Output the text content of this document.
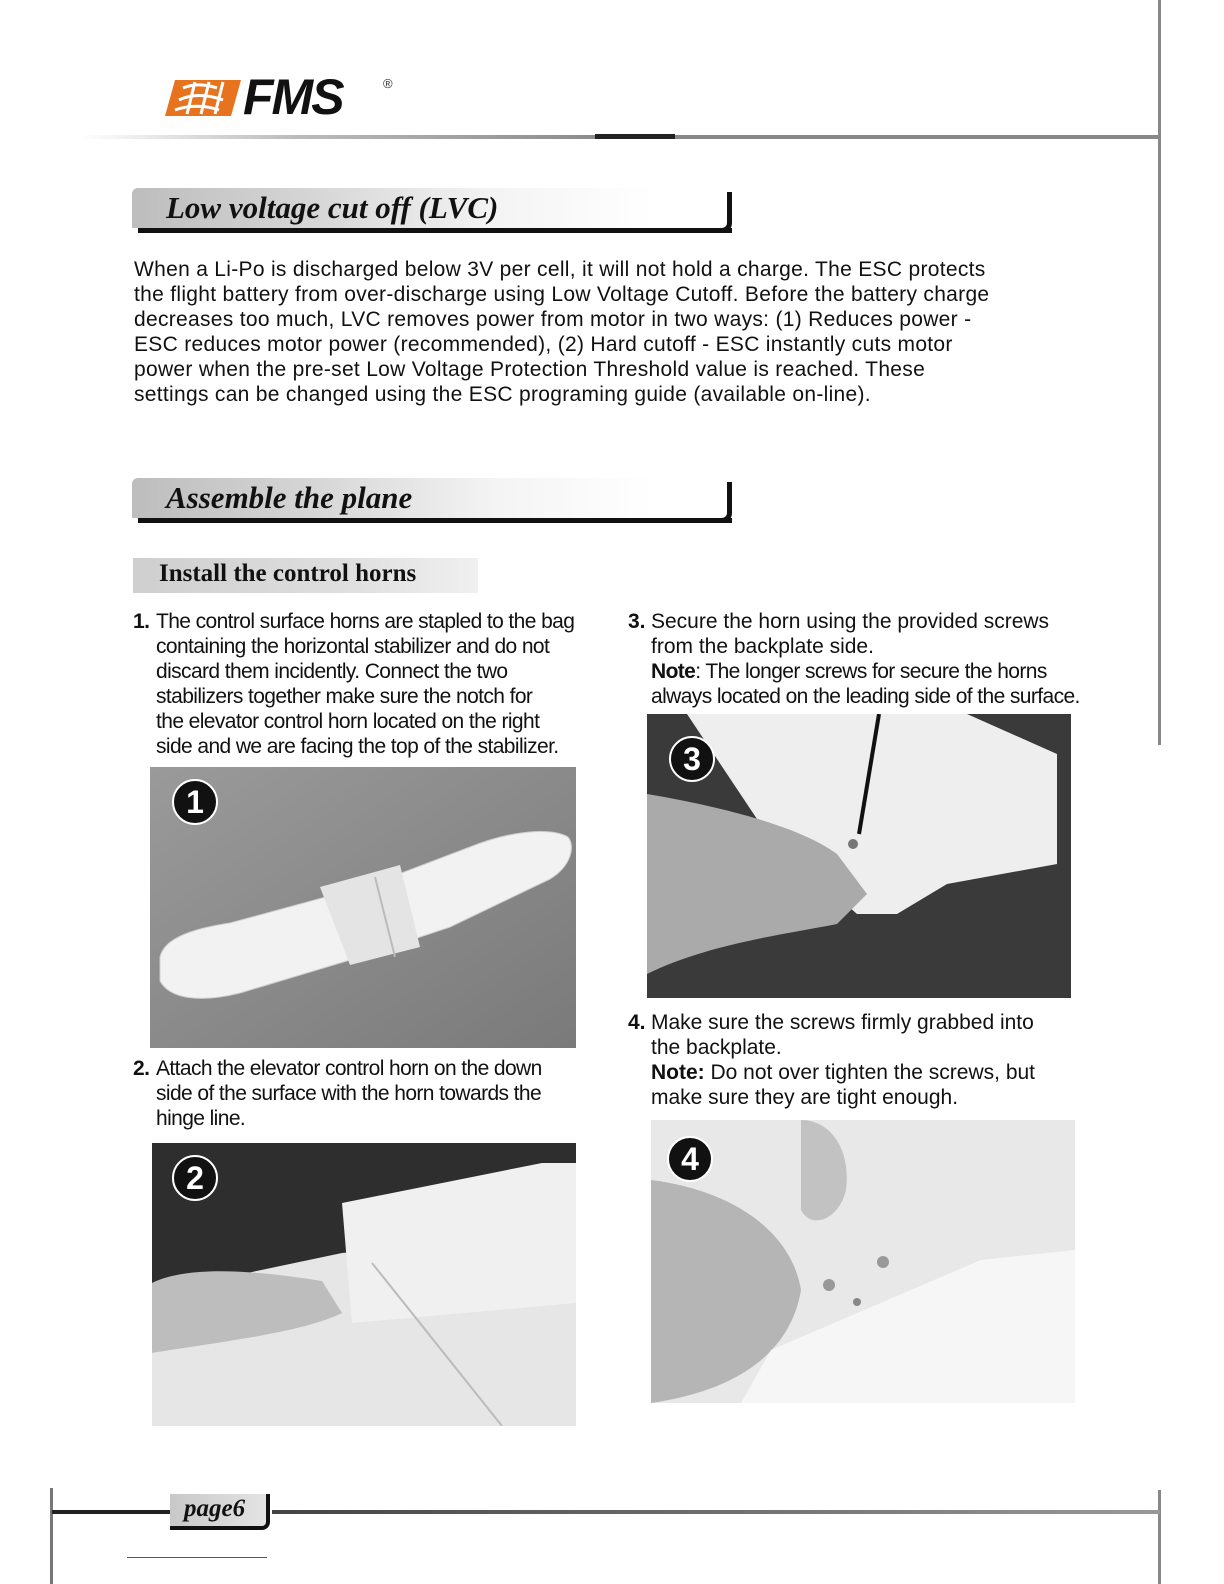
FMS	®
Low voltage cut off (LVC)

When a Li-Po is discharged below 3V per cell, it will not hold a charge. The ESC protects

the flight battery from over-discharge using Low Voltage Cutoff. Before the battery charge

decreases too much, LVC removes power from motor in two ways: (1) Reduces power -

ESC reduces motor power (recommended), (2) Hard cutoff - ESC instantly cuts motor

power when the pre-set Low Voltage Protection Threshold value is reached. These

settings can be changed using the ESC programing guide (available on-line).

Assemble the plane
Install the control horns
1. The control surface horns are stapled to the bag
containing the horizontal stabilizer and do not
discard them incidently. Connect the two
stabilizers together make sure the notch for
the elevator control horn located on the right
side and we are facing the top of the stabilizer.
1
2. Attach the elevator control horn on the down
side of the surface with the horn towards the
hinge line.
2
3. Secure the horn using the provided screws
from the backplate side.
Note: The longer screws for secure the horns
always located on the leading side of the surface.
3
4. Make sure the screws firmly grabbed into
the backplate.
Note: Do not over tighten the screws, but
make sure they are tight enough.
4
page6
